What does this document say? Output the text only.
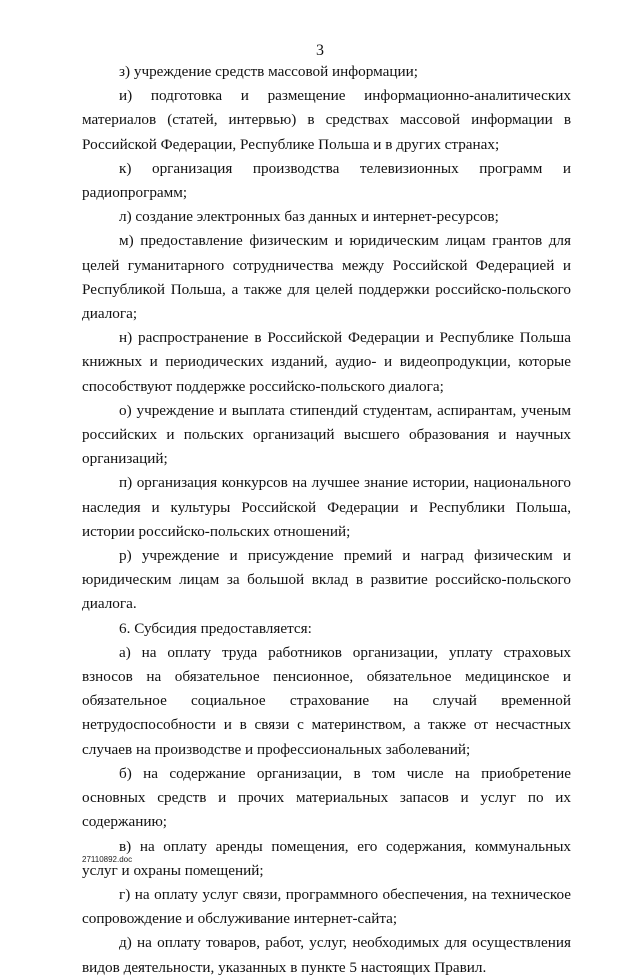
3

з) учреждение средств массовой информации;

и) подготовка и размещение информационно-аналитических материалов (статей, интервью) в средствах массовой информации в Российской Федерации, Республике Польша и в других странах;

к) организация производства телевизионных программ и радиопрограмм;

л) создание электронных баз данных и интернет-ресурсов;

м) предоставление физическим и юридическим лицам грантов для целей гуманитарного сотрудничества между Российской Федерацией и Республикой Польша, а также для целей поддержки российско-польского диалога;

н) распространение в Российской Федерации и Республике Польша книжных и периодических изданий, аудио- и видеопродукции, которые способствуют поддержке российско-польского диалога;

о) учреждение и выплата стипендий студентам, аспирантам, ученым российских и польских организаций высшего образования и научных организаций;

п) организация конкурсов на лучшее знание истории, национального наследия и культуры Российской Федерации и Республики Польша, истории российско-польских отношений;

р) учреждение и присуждение премий и наград физическим и юридическим лицам за большой вклад в развитие российско-польского диалога.

6. Субсидия предоставляется:

а) на оплату труда работников организации, уплату страховых взносов на обязательное пенсионное, обязательное медицинское и обязательное социальное страхование на случай временной нетрудоспособности и в связи с материнством, а также от несчастных случаев на производстве и профессиональных заболеваний;

б) на содержание организации, в том числе на приобретение основных средств и прочих материальных запасов и услуг по их содержанию;

в) на оплату аренды помещения, его содержания, коммунальных услуг и охраны помещений;

г) на оплату услуг связи, программного обеспечения, на техническое сопровождение и обслуживание интернет-сайта;

д) на оплату товаров, работ, услуг, необходимых для осуществления видов деятельности, указанных в пункте 5 настоящих Правил.

27110892.doc
